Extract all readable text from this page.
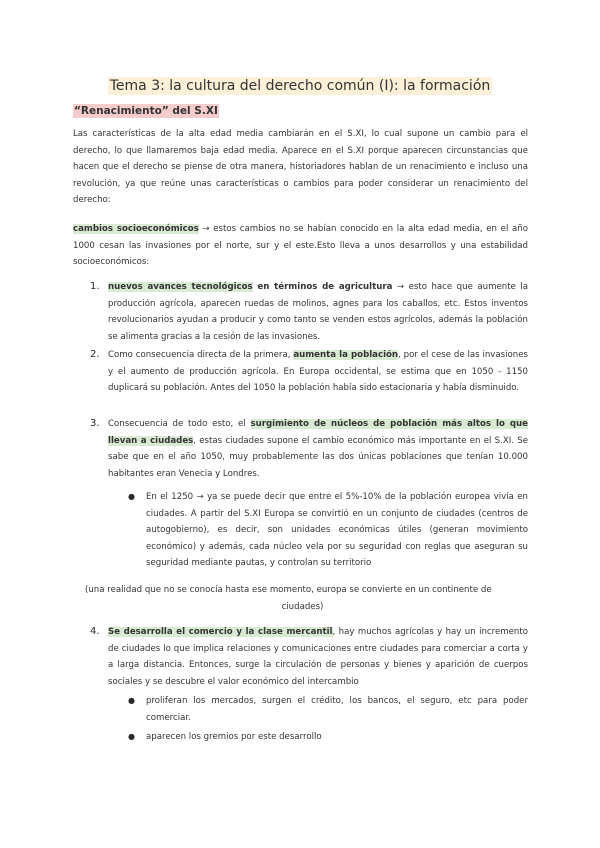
Tema 3: la cultura del derecho común (I): la formación
“Renacimiento” del S.XI

Las características de la alta edad media cambiarán en el S.XI, lo cual supone un cambio para el derecho, lo que llamaremos baja edad media. Aparece en el S.XI porque aparecen circunstancias que hacen que el derecho se piense de otra manera, historiadores hablan de un renacimiento e incluso una revolución, ya que reúne unas características o cambios para poder considerar un renacimiento del derecho:

cambios socioeconómicos → estos cambios no se habían conocido en la alta edad media, en el año 1000 cesan las invasiones por el norte, sur y el este.Esto lleva a unos desarrollos y una estabilidad socioeconómicos:

1. nuevos avances tecnológicos en términos de agricultura → esto hace que aumente la producción agrícola, aparecen ruedas de molinos, agnes para los caballos, etc. Estos inventos revolucionarios ayudan a producir y como tanto se venden estos agrícolos, además la población se alimenta gracias a la cesión de las invasiones.

2. Como consecuencia directa de la primera, aumenta la población, por el cese de las invasiones y el aumento de producción agrícola. En Europa occidental, se estima que en 1050 - 1150 duplicará su población. Antes del 1050 la población había sido estacionaria y había disminuido.

3. Consecuencia de todo esto, el surgimiento de núcleos de población más altos lo que llevan a ciudades, estas ciudades supone el cambio económico más importante en el S.XI. Se sabe que en el año 1050, muy probablemente las dos únicas poblaciones que tenían 10.000 habitantes eran Venecia y Londres.

● En el 1250 → ya se puede decir que entre el 5%-10% de la población europea vivía en ciudades. A partir del S.XI Europa se convirtió en un conjunto de ciudades (centros de autogobierno), es decir, son unidades económicas útiles (generan movimiento económico) y además, cada núcleo vela por su seguridad con reglas que aseguran su seguridad mediante pautas, y controlan su territorio

(una realidad que no se conocía hasta ese momento, europa se convierte en un continente de
ciudades)
4. Se desarrolla el comercio y la clase mercantil, hay muchos agrícolas y hay un incremento de ciudades lo que implica relaciones y comunicaciones entre ciudades para comerciar a corta y a larga distancia. Entonces, surge la circulación de personas y bienes y aparición de cuerpos sociales y se descubre el valor económico del intercambio

● proliferan los mercados, surgen el crédito, los bancos, el seguro, etc para poder comerciar.

● aparecen los gremios por este desarrollo
